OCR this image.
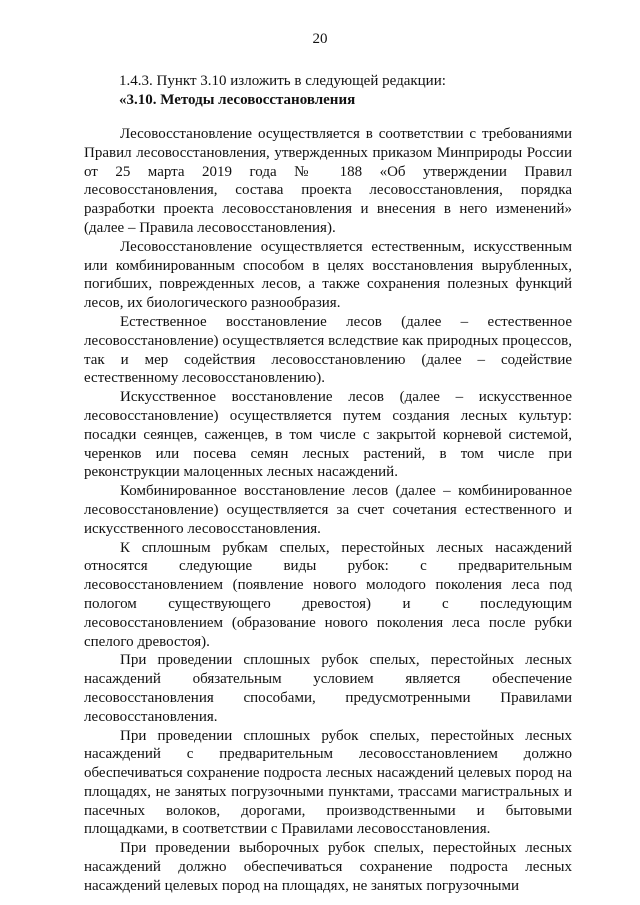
20
1.4.3. Пункт 3.10 изложить в следующей редакции:
«3.10. Методы лесовосстановления

Лесовосстановление осуществляется в соответствии с требованиями Правил лесовосстановления, утвержденных приказом Минприроды России от 25 марта 2019 года № 188 «Об утверждении Правил лесовосстановления, состава проекта лесовосстановления, порядка разработки проекта лесовосстановления и внесения в него изменений» (далее – Правила лесовосстановления).

Лесовосстановление осуществляется естественным, искусственным или комбинированным способом в целях восстановления вырубленных, погибших, поврежденных лесов, а также сохранения полезных функций лесов, их биологического разнообразия.

Естественное восстановление лесов (далее – естественное лесовосстановление) осуществляется вследствие как природных процессов, так и мер содействия лесовосстановлению (далее – содействие естественному лесовосстановлению).

Искусственное восстановление лесов (далее – искусственное лесовосстановление) осуществляется путем создания лесных культур: посадки сеянцев, саженцев, в том числе с закрытой корневой системой, черенков или посева семян лесных растений, в том числе при реконструкции малоценных лесных насаждений.

Комбинированное восстановление лесов (далее – комбинированное лесовосстановление) осуществляется за счет сочетания естественного и искусственного лесовосстановления.

К сплошным рубкам спелых, перестойных лесных насаждений относятся следующие виды рубок: с предварительным лесовосстановлением (появление нового молодого поколения леса под пологом существующего древостоя) и с последующим лесовосстановлением (образование нового поколения леса после рубки спелого древостоя).

При проведении сплошных рубок спелых, перестойных лесных насаждений обязательным условием является обеспечение лесовосстановления способами, предусмотренными Правилами лесовосстановления.

При проведении сплошных рубок спелых, перестойных лесных насаждений с предварительным лесовосстановлением должно обеспечиваться сохранение подроста лесных насаждений целевых пород на площадях, не занятых погрузочными пунктами, трассами магистральных и пасечных волоков, дорогами, производственными и бытовыми площадками, в соответствии с Правилами лесовосстановления.

При проведении выборочных рубок спелых, перестойных лесных насаждений должно обеспечиваться сохранение подроста лесных насаждений целевых пород на площадях, не занятых погрузочными
